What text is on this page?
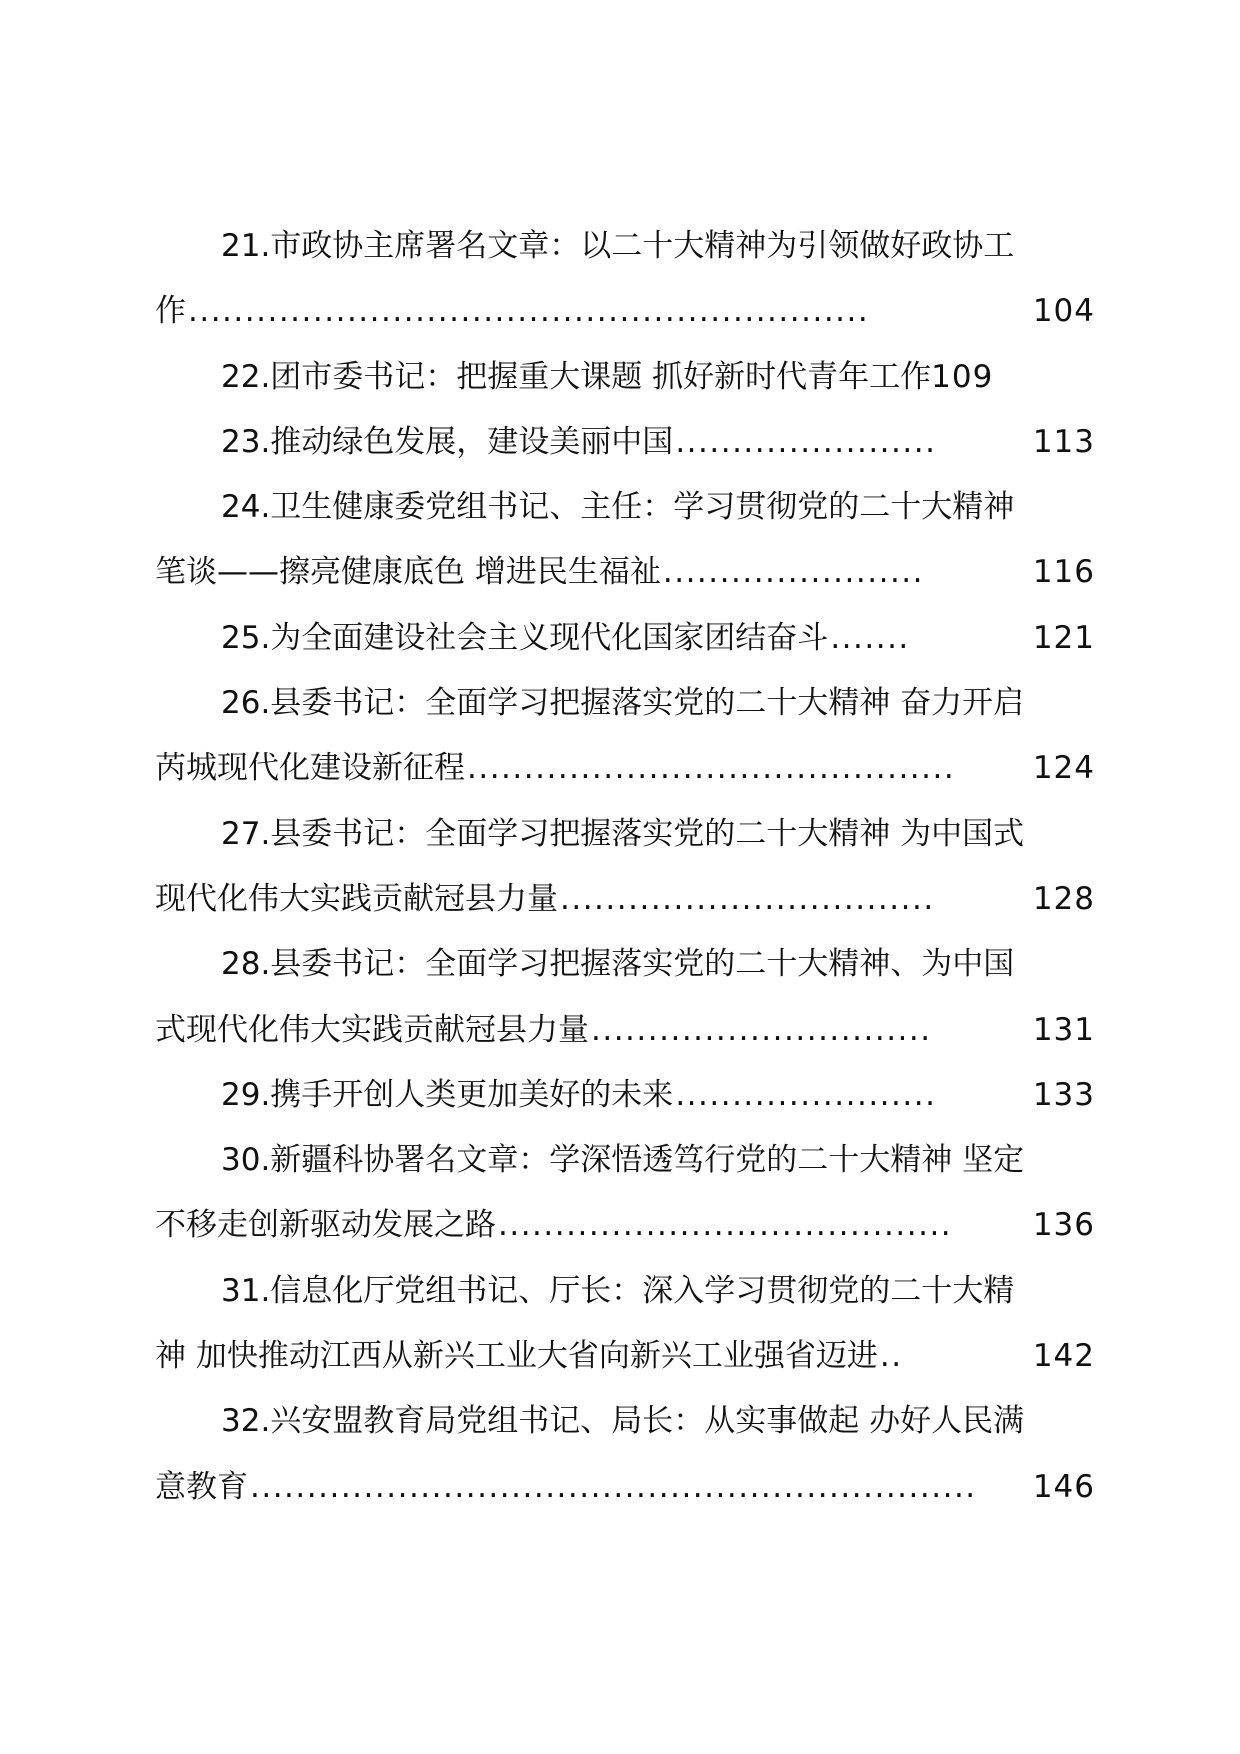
21.市政协主席署名文章：以二十大精神为引领做好政协工
作 ............................................................	104
22.团市委书记：把握重大课题 抓好新时代青年工作 109
23.推动绿色发展，建设美丽中国 .......................	113
24.卫生健康委党组书记、主任：学习贯彻党的二十大精神
笔谈——擦亮健康底色 增进民生福祉 .......................	116
25.为全面建设社会主义现代化国家团结奋斗 .......	121
26.县委书记：全面学习把握落实党的二十大精神 奋力开启
芮城现代化建设新征程 ...........................................	124
27.县委书记：全面学习把握落实党的二十大精神 为中国式
现代化伟大实践贡献冠县力量 .................................	128
28.县委书记：全面学习把握落实党的二十大精神、为中国
式现代化伟大实践贡献冠县力量 ..............................	131
29.携手开创人类更加美好的未来 .......................	133
30.新疆科协署名文章：学深悟透笃行党的二十大精神 坚定
不移走创新驱动发展之路 ........................................	136
31.信息化厅党组书记、厅长：深入学习贯彻党的二十大精
神 加快推动江西从新兴工业大省向新兴工业强省迈进 ..	142
32.兴安盟教育局党组书记、局长：从实事做起 办好人民满
意教育 ................................................................	146
